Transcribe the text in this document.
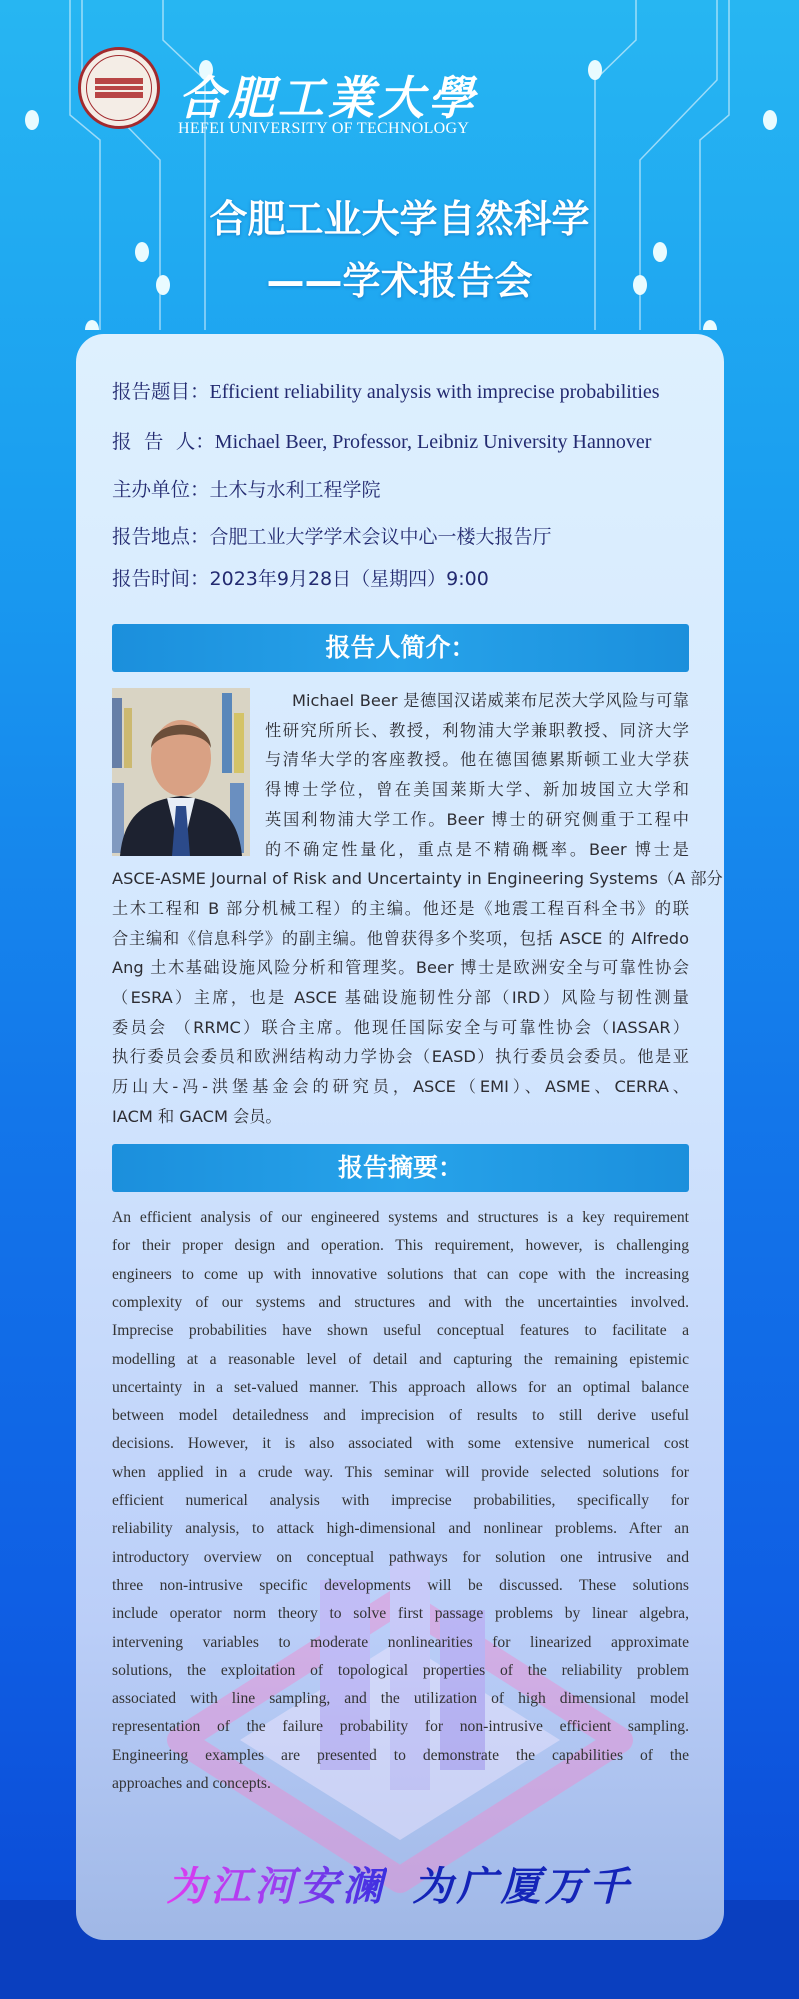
合肥工業大學
HEFEI UNIVERSITY OF TECHNOLOGY
合肥工业大学自然科学
——学术报告会
报告题目：Efficient reliability analysis with imprecise probabilities
报  告  人：Michael Beer, Professor, Leibniz University Hannover
主办单位：土木与水利工程学院
报告地点：合肥工业大学学术会议中心一楼大报告厅
报告时间：2023年9月28日（星期四）9:00
报告人简介：
Michael Beer 是德国汉诺威莱布尼茨大学风险与可靠
性研究所所长、教授，利物浦大学兼职教授、同济大学
与清华大学的客座教授。他在德国德累斯顿工业大学获
得博士学位，曾在美国莱斯大学、新加坡国立大学和
英国利物浦大学工作。Beer 博士的研究侧重于工程中
的不确定性量化，重点是不精确概率。Beer 博士是
ASCE-ASME Journal of Risk and Uncertainty in Engineering Systems（A 部分
土木工程和 B 部分机械工程）的主编。他还是《地震工程百科全书》的联
合主编和《信息科学》的副主编。他曾获得多个奖项，包括 ASCE 的 Alfredo
Ang 土木基础设施风险分析和管理奖。Beer 博士是欧洲安全与可靠性协会
（ESRA）主席，也是 ASCE 基础设施韧性分部（IRD）风险与韧性测量
委员会 （RRMC）联合主席。他现任国际安全与可靠性协会（IASSAR）
执行委员会委员和欧洲结构动力学协会（EASD）执行委员会委员。他是亚
历山大-冯-洪堡基金会的研究员，ASCE（EMI）、ASME、CERRA、
IACM 和 GACM 会员。
报告摘要：
An efficient analysis of our engineered systems and structures is a key requirement
for their proper design and operation. This requirement, however, is challenging
engineers to come up with innovative solutions that can cope with the increasing
complexity of our systems and structures and with the uncertainties involved.
Imprecise probabilities have shown useful conceptual features to facilitate a
modelling at a reasonable level of detail and capturing the remaining epistemic
uncertainty in a set-valued manner. This approach allows for an optimal balance
between model detailedness and imprecision of results to still derive useful
decisions. However, it is also associated with some extensive numerical cost
when applied in a crude way. This seminar will provide selected solutions for
efficient numerical analysis with imprecise probabilities, specifically for
reliability analysis, to attack high-dimensional and nonlinear problems. After an
introductory overview on conceptual pathways for solution one intrusive and
three non-intrusive specific developments will be discussed. These solutions
include operator norm theory to solve first passage problems by linear algebra,
intervening variables to moderate nonlinearities for linearized approximate
solutions, the exploitation of topological properties of the reliability problem
associated with line sampling, and the utilization of high dimensional model
representation of the failure probability for non-intrusive efficient sampling.
Engineering examples are presented to demonstrate the capabilities of the
approaches and concepts.
为江河安澜 为广厦万千
